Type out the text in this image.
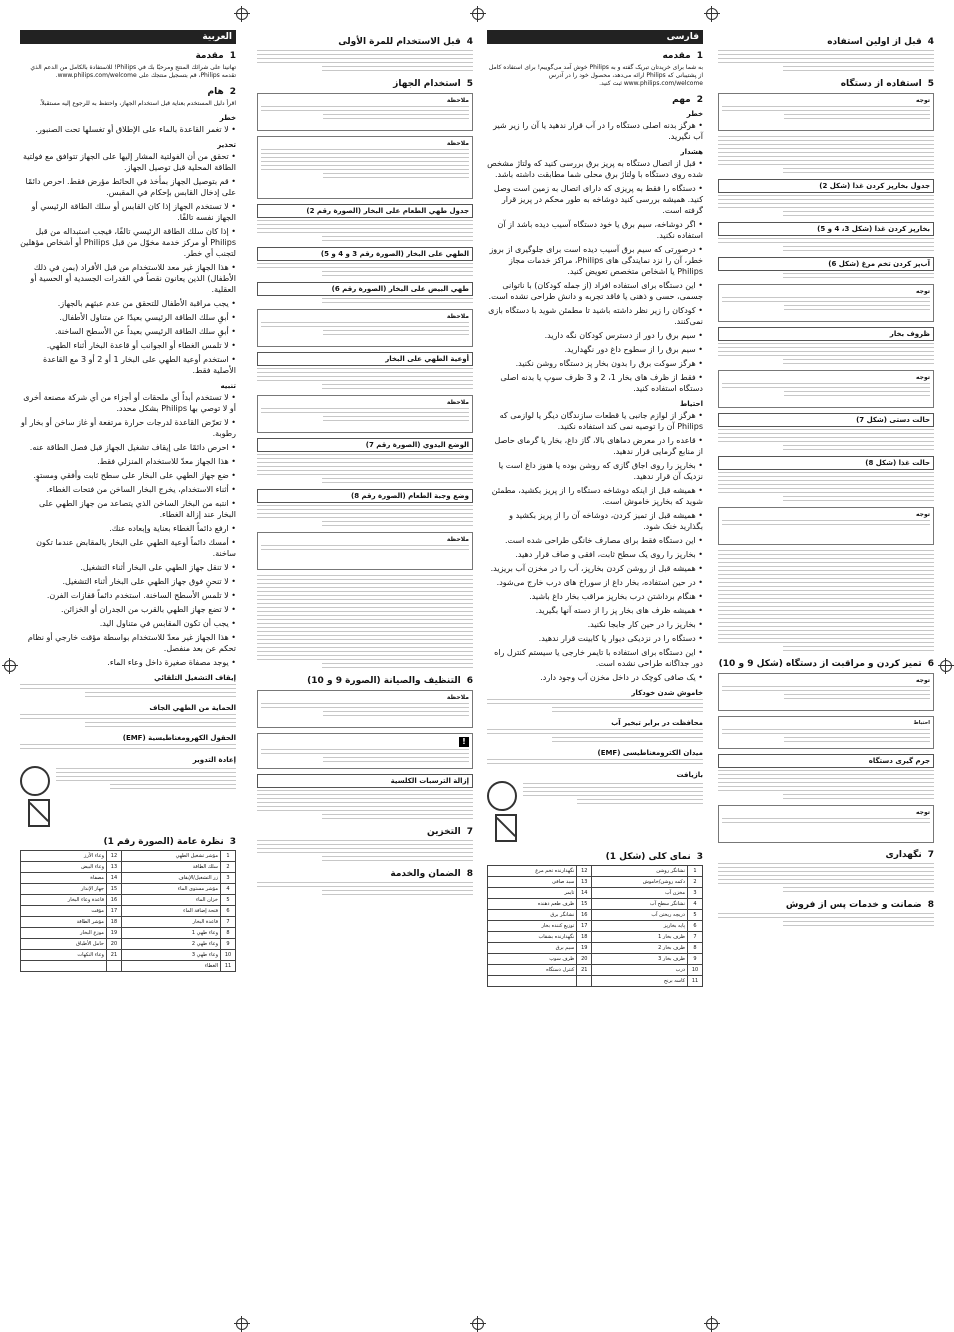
العربية
1مقدمة

تهانينا على شرائك المنتج ومرحبًا بك في Philips! للاستفادة بالكامل من الدعم الذي تقدمه Philips، قم بتسجيل منتجك على www.philips.com/welcome.

2هام

اقرأ دليل المستخدم بعناية قبل استخدام الجهاز، واحتفظ به للرجوع إليه مستقبلاً.

خطر

• لا تغمر القاعدة بالماء على الإطلاق أو تغسلها تحت الصنبور.

تحذير

• تحقق من أن الفولتية المشار إليها على الجهاز تتوافق مع فولتية الطاقة المحلية قبل توصيل الجهاز.

• قم بتوصيل الجهاز بمأخذ في الحائط مؤرض فقط. احرص دائمًا على إدخال القابس بإحكام في المقبس.

• لا تستخدم الجهاز إذا كان القابس أو سلك الطاقة الرئيسي أو الجهاز نفسه تالفًا.

• إذا كان سلك الطاقة الرئيسي تالفًا، فيجب استبداله من قبل Philips أو مركز خدمة مخوّل من قبل Philips أو أشخاص مؤهلين لتجنب أي خطر.

• هذا الجهاز غير معد للاستخدام من قبل الأفراد (بمن في ذلك الأطفال) الذين يعانون نقصاً في القدرات الجسدية أو الحسية أو العقلية.

• يجب مراقبة الأطفال للتحقق من عدم عبثهم بالجهاز.

• أبقِ سلك الطاقة الرئيسي بعيدًا عن متناول الأطفال.

• أبقِ سلك الطاقة الرئيسي بعيداً عن الأسطح الساخنة.

• لا تلمس الغطاء أو الجوانب أو قاعدة البخار أثناء الطهي.

• استخدم أوعية الطهي على البخار 1 أو 2 أو 3 مع القاعدة الأصلية فقط.

تنبيه

• لا تستخدم أبداً أي ملحقات أو أجزاء من أي شركة مصنعة أخرى أو لا توصي بها Philips بشكل محدد.

• لا تعرّض القاعدة لدرجات حرارة مرتفعة أو غاز ساخن أو بخار أو رطوبة.

• احرص دائمًا على إيقاف تشغيل الجهاز قبل فصل الطاقة عنه.

• هذا الجهاز معدّ للاستخدام المنزلي فقط.

• ضع جهاز الطهي على البخار على سطح ثابت وأفقي ومستوٍ.

• أثناء الاستخدام، يخرج البخار الساخن من فتحات الغطاء.

• انتبه من البخار الساخن الذي يتصاعد من جهاز الطهي على البخار عند إزالة الغطاء.

• ارفع دائماً الغطاء بعناية وإبعاده عنك.

• أمسك دائماً أوعية الطهي على البخار بالمقابض عندما تكون ساخنة.

• لا تنقل جهاز الطهي على البخار أثناء التشغيل.

• لا تنحنِ فوق جهاز الطهي على البخار أثناء التشغيل.

• لا تلمس الأسطح الساخنة. استخدم دائماً قفازات الفرن.

• لا تضع جهاز الطهي بالقرب من الجدران أو الخزائن.

• يجب أن تكون المقابس في متناول اليد.

• هذا الجهاز غير معدّ للاستخدام بواسطة مؤقت خارجي أو نظام تحكم عن بعد منفصل.

• يوجد مصفاة صغيرة داخل وعاء الماء.

إيقاف التشغيل التلقائي
الحماية من الطهي الجاف
الحقول الكهرومغناطيسية (EMF)
إعادة التدوير

3نظرة عامة (الصورة رقم 1)
1	مؤشر تشغيل الطهي	12	وعاء الأرز
2	سلك الطاقة	13	وعاء البيض
3	زر التشغيل/الإيقاف	14	مصفاة
4	مؤشر مستوى الماء	15	جهاز الإنذار
5	خزان الماء	16	قاعدة وعاء البخار
6	فتحة إضافة الماء	17	مؤقت
7	قاعدة البخار	18	مؤشر الطاقة
8	وعاء طهي 1	19	موزع البخار
9	وعاء طهي 2	20	حامل الأطباق
10	وعاء طهي 3	21	وعاء النكهات
11	الغطاء		
4قبل الاستخدام للمرة الأولى
5استخدام الجهاز
ملاحظة
ملاحظة
جدول طهي الطعام على البخار (الصورة رقم 2)
الطهي على البخار (الصورة رقم 3 و 4 و 5)
طهي البيض على البخار (الصورة رقم 6)
ملاحظة
أوعية الطهي على البخار
ملاحظة
الوضع اليدوي (الصورة رقم 7)
وضع وجبة الطعام (الصورة رقم 8)
ملاحظة
6التنظيف والصيانة (الصورة 9 و 10)
ملاحظة
!
إزالة الترسبات الكلسية
7التخزين
8الضمان والخدمة
فارسی
1مقدمه

به شما برای خریدتان تبریک گفته و به Philips خوش آمد می‌گوییم! برای استفاده کامل از پشتیبانی که Philips ارائه می‌دهد، محصول خود را در آدرس www.philips.com/welcome ثبت کنید.

2مهم
خطر

• هرگز بدنه اصلی دستگاه را در آب قرار ندهید یا آن را زیر شیر آب نگیرید.

هشدار

• قبل از اتصال دستگاه به پریز برق بررسی کنید که ولتاژ مشخص شده روی دستگاه با ولتاژ برق محلی شما مطابقت داشته باشد.

• دستگاه را فقط به پریزی که دارای اتصال به زمین است وصل کنید. همیشه بررسی کنید دوشاخه به طور محکم در پریز قرار گرفته است.

• اگر دوشاخه، سیم برق یا خود دستگاه آسیب دیده باشد از آن استفاده نکنید.

• درصورتی که سیم برق آسیب دیده است برای جلوگیری از بروز خطر، آن را نزد نمایندگی های Philips، مراکز خدمات مجاز Philips یا اشخاص متخصص تعویض کنید.

• این دستگاه برای استفاده افراد (از جمله کودکان) با ناتوانی جسمی، حسی و ذهنی یا فاقد تجربه و دانش طراحی نشده است.

• کودکان را زیر نظر داشته باشید تا مطمئن شوید با دستگاه بازی نمی‌کنند.

• سیم برق را دور از دسترس کودکان نگه دارید.

• سیم برق را از سطوح داغ دور نگهدارید.

• هرگز سوکت برق را بدون بخار پز دستگاه روشن نکنید.

• فقط از ظرف های بخار 1، 2 و 3 ظرف سوپ یا بدنه اصلی دستگاه استفاده کنید.

احتیاط

• هرگز از لوازم جانبی یا قطعات سازندگان دیگر یا لوازمی که Philips آن را توصیه نمی کند استفاده نکنید.

• قاعده را در معرض دماهای بالا، گاز داغ، بخار یا گرمای حاصل از منابع گرمایی قرار ندهید.

• بخارپز را روی اجاق گازی که روشن بوده یا هنوز داغ است یا نزدیک آن قرار ندهید.

• همیشه قبل از اینکه دوشاخه دستگاه را از پریز بکشید، مطمئن شوید که بخارپز خاموش است.

• همیشه قبل از تمیز کردن، دوشاخه آن را از پریز بکشید و بگذارید خنک شود.

• این دستگاه فقط برای مصارف خانگی طراحی شده است.

• بخارپز را روی یک سطح ثابت، افقی و صاف قرار دهید.

• همیشه قبل از روشن کردن بخارپز، آب را در مخزن آب بریزید.

• در حین استفاده، بخار داغ از سوراخ های درب خارج می‌شود.

• هنگام برداشتن درب بخارپز مراقب بخار داغ باشید.

• همیشه ظرف های بخار پز را از دسته آنها بگیرید.

• بخارپز را در حین کار جابجا نکنید.

• دستگاه را در نزدیکی دیوار یا کابینت قرار ندهید.

• این دستگاه برای استفاده با تایمر خارجی یا سیستم کنترل راه دور جداگانه طراحی نشده است.

• یک صافی کوچک در داخل مخزن آب وجود دارد.

خاموش شدن خودکار
محافظت در برابر تبخیر آب
میدان الکترومغناطیسی (EMF)
بازیافت

3نمای کلی (شکل 1)
1	نشانگر روشن	12	نگهدارنده تخم مرغ
2	دکمه روشن/خاموش	13	سبد صافی
3	مخزن آب	14	تایمر
4	نشانگر سطح آب	15	ظرف طعم دهنده
5	دریچه ریختن آب	16	نشانگر برق
6	پایه بخارپز	17	توزیع کننده بخار
7	ظرف بخار 1	18	نگهدارنده بشقاب
8	ظرف بخار 2	19	سیم برق
9	ظرف بخار 3	20	ظرف سوپ
10	درب	21	کنترل دستگاه
11	کاسه برنج		
4قبل از اولین استفاده
5استفاده از دستگاه
توجه
جدول بخارپز کردن غذا (شکل 2)
بخارپز کردن غذا (شکل 3، 4 و 5)
آب‌پز کردن تخم مرغ (شکل 6)
توجه
ظروف بخار
توجه
حالت دستی (شکل 7)
حالت غذا (شکل 8)
توجه
6تمیز کردن و مراقبت از دستگاه (شکل 9 و 10)
توجه
احتیاط
جرم گیری دستگاه
توجه
7نگهداری
8ضمانت و خدمات پس از فروش
